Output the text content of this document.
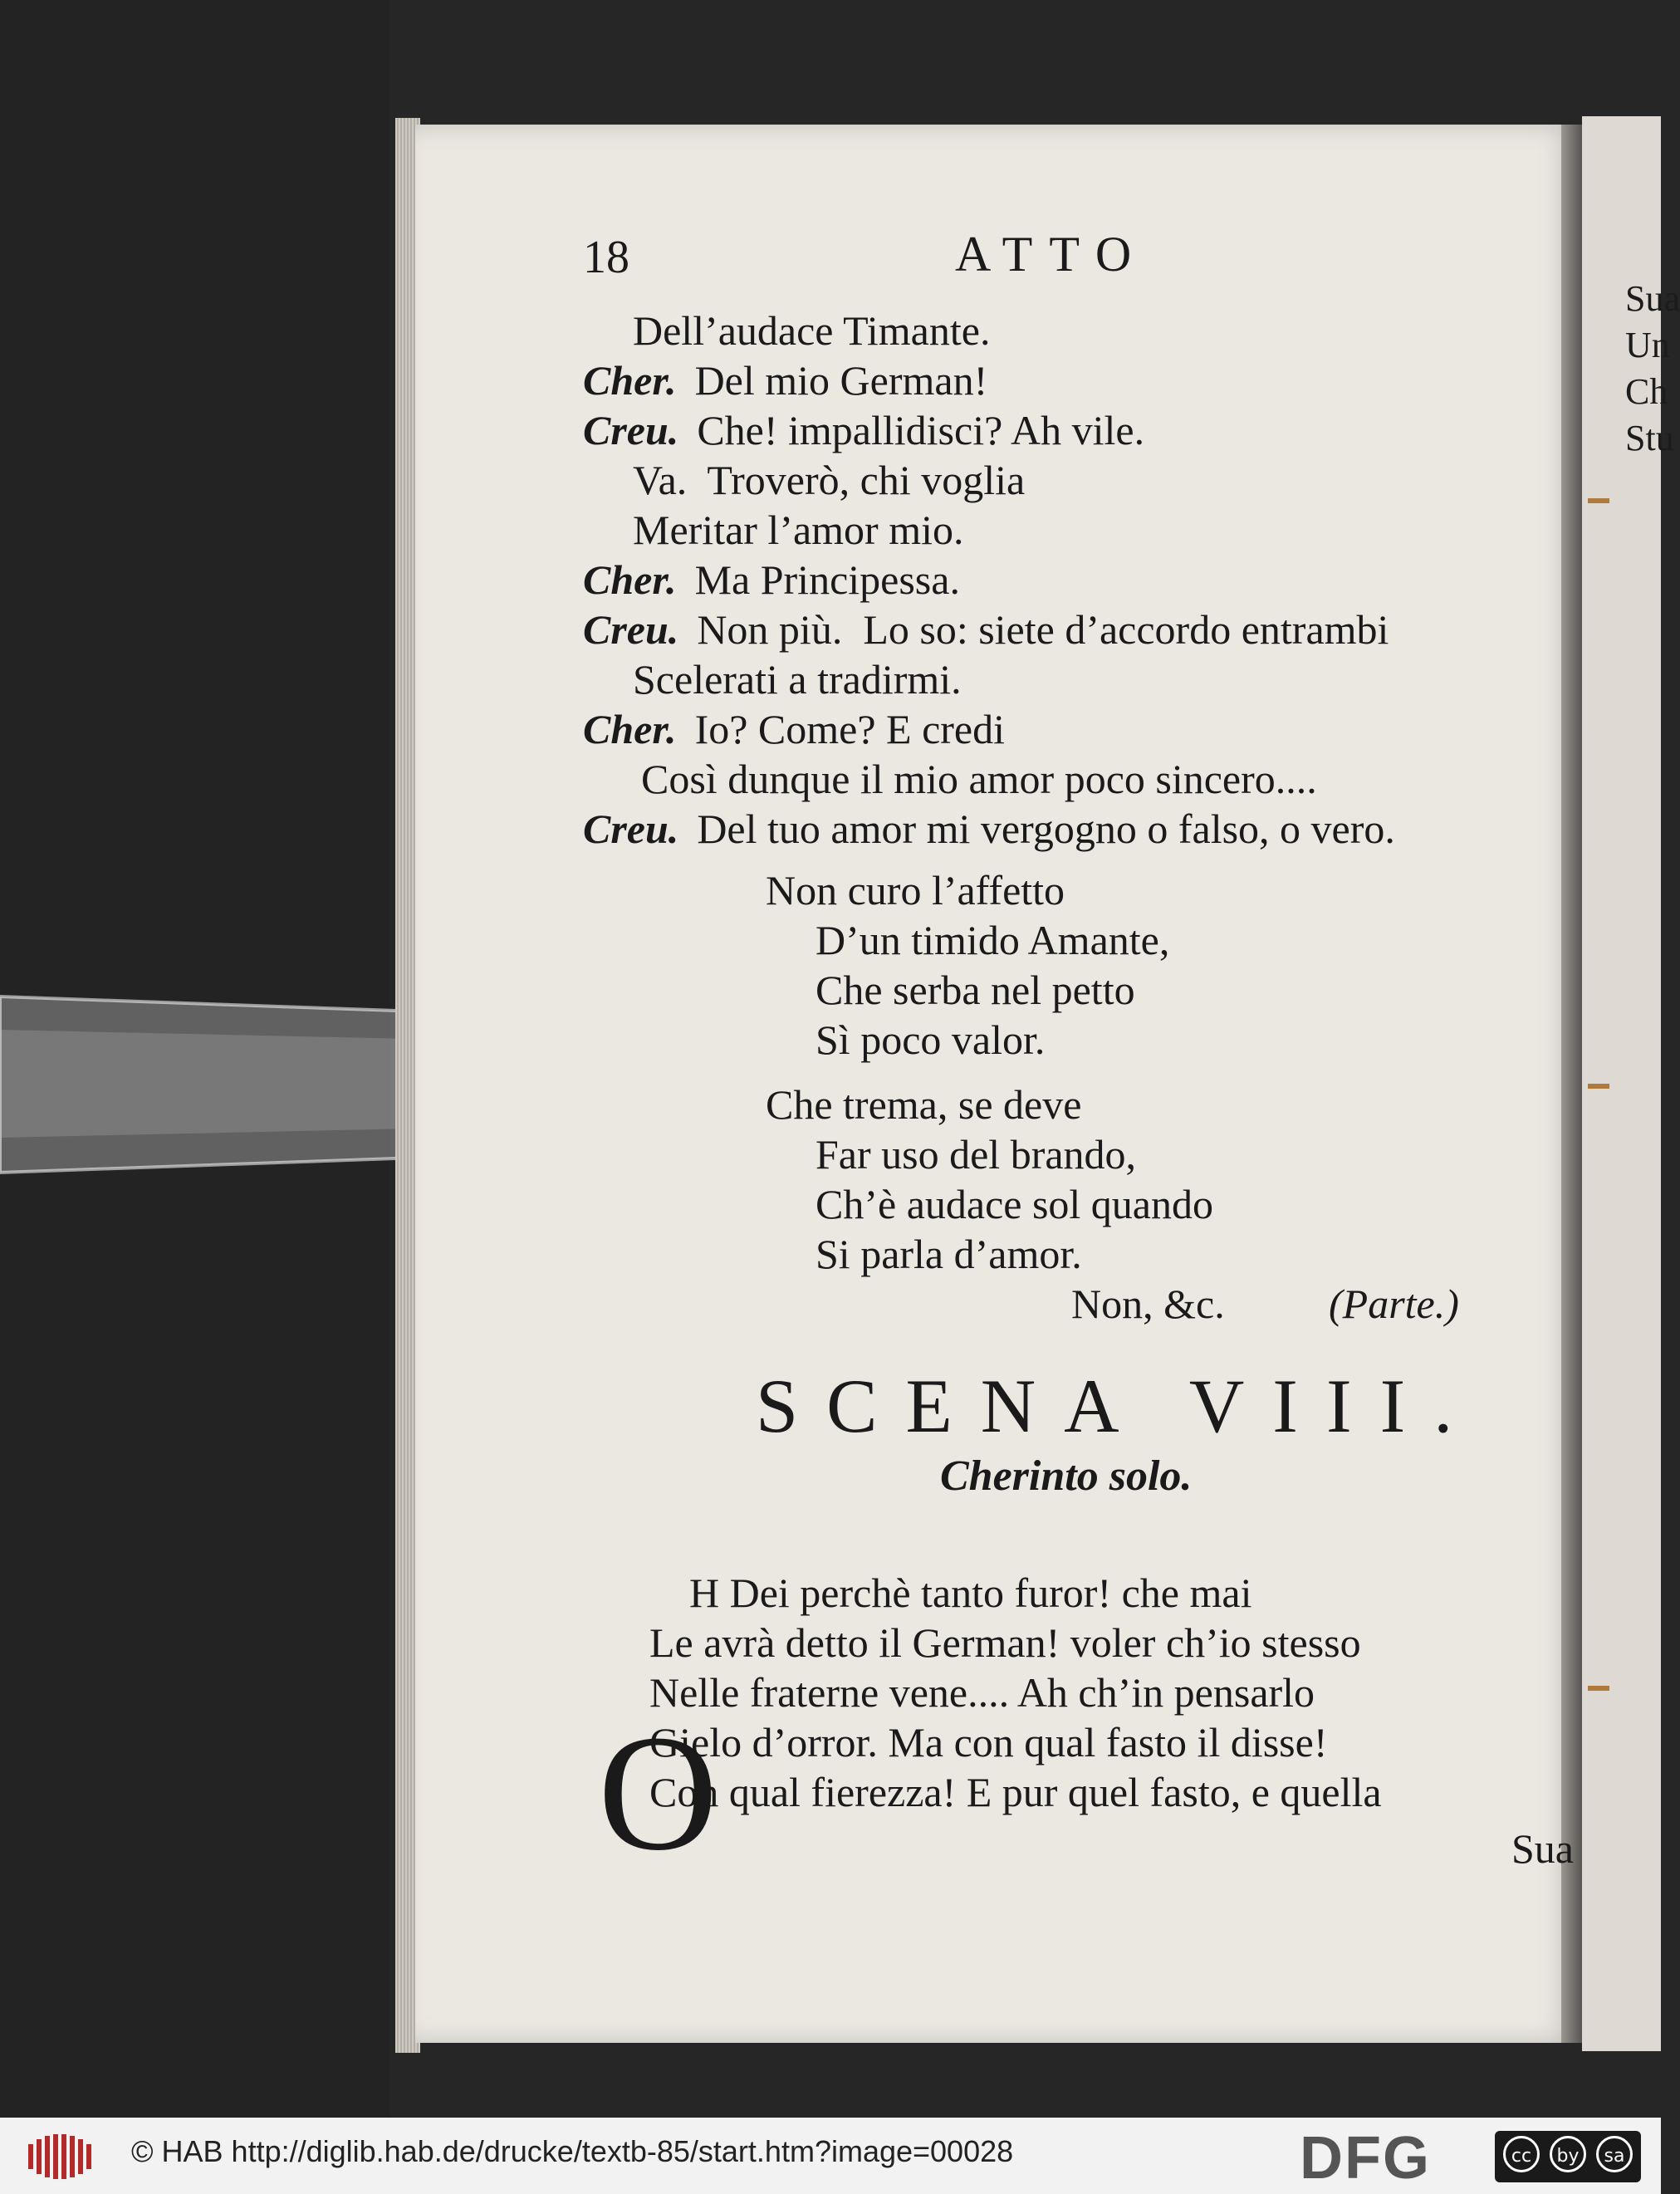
Sua
Un
Ch
Stu
18	ATTO
Dell’audace Timante.
Cher. Del mio German!
Creu. Che! impallidisci? Ah vile.
Va.  Troverò, chi voglia
Meritar l’amor mio.
Cher. Ma Principessa.
Creu. Non più.  Lo so: siete d’accordo entrambi
Scelerati a tradirmi.
Cher. Io? Come? E credi
Così dunque il mio amor poco sincero....
Creu. Del tuo amor mi vergogno o falso, o vero.
Non curo l’affetto
D’un timido Amante,
Che serba nel petto
Sì poco valor.
Che trema, se deve
Far uso del brando,
Ch’è audace sol quando
Si parla d’amor.
Non, &c.	(Parte.)
SCENA VIII.
Cherinto solo.
O
H Dei perchè tanto furor! che mai
Le avrà detto il German! voler ch’io stesso
Nelle fraterne vene.... Ah ch’in pensarlo
Gielo d’orror. Ma con qual fasto il disse!
Con qual fierezza! E pur quel fasto, e quella
Sua
© HAB http://diglib.hab.de/drucke/textb-85/start.htm?image=00028	DFG	cc	by	sa
